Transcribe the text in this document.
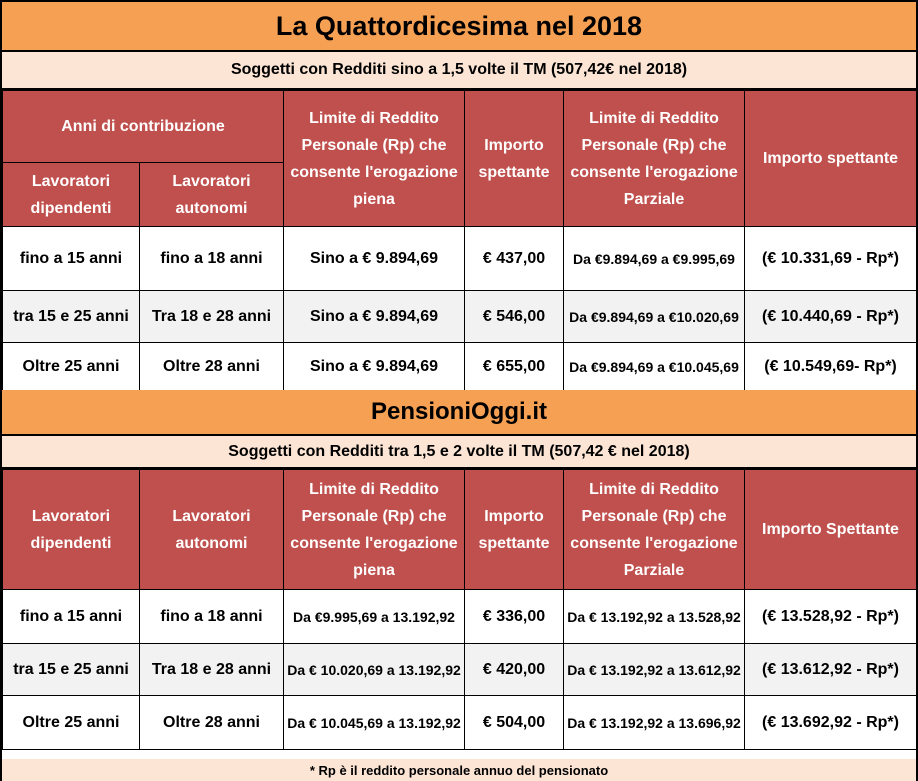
La Quattordicesima nel 2018
Soggetti con Redditi sino a 1,5 volte il TM (507,42€ nel 2018)
Anni di contribuzione		Limite di Reddito Personale (Rp) che consente l'erogazione piena	Importo spettante	Limite di Reddito Personale (Rp) che consente l'erogazione Parziale	Importo spettante
Lavoratori dipendenti	Lavoratori autonomi				
fino a 15 anni	fino a 18 anni	Sino a € 9.894,69	€ 437,00	Da €9.894,69 a €9.995,69	(€ 10.331,69 - Rp*)
tra 15 e 25 anni	Tra 18 e 28 anni	Sino a € 9.894,69	€ 546,00	Da €9.894,69 a €10.020,69	(€ 10.440,69 - Rp*)
Oltre 25 anni	Oltre 28 anni	Sino a € 9.894,69	€ 655,00	Da €9.894,69 a €10.045,69	(€ 10.549,69- Rp*)
PensioniOggi.it
Soggetti con Redditi tra 1,5 e 2 volte il TM (507,42 € nel 2018)
Lavoratori dipendenti	Lavoratori autonomi	Limite di Reddito Personale (Rp) che consente l'erogazione piena	Importo spettante	Limite di Reddito Personale (Rp) che consente l'erogazione Parziale	Importo Spettante
fino a 15 anni	fino a 18 anni	Da €9.995,69 a 13.192,92	€ 336,00	Da € 13.192,92 a 13.528,92	(€ 13.528,92 - Rp*)
tra 15 e 25 anni	Tra 18 e 28 anni	Da € 10.020,69 a 13.192,92	€ 420,00	Da € 13.192,92 a 13.612,92	(€ 13.612,92 - Rp*)
Oltre 25 anni	Oltre 28 anni	Da € 10.045,69 a 13.192,92	€ 504,00	Da € 13.192,92 a 13.696,92	(€ 13.692,92 - Rp*)
* Rp è il reddito personale annuo del pensionato
